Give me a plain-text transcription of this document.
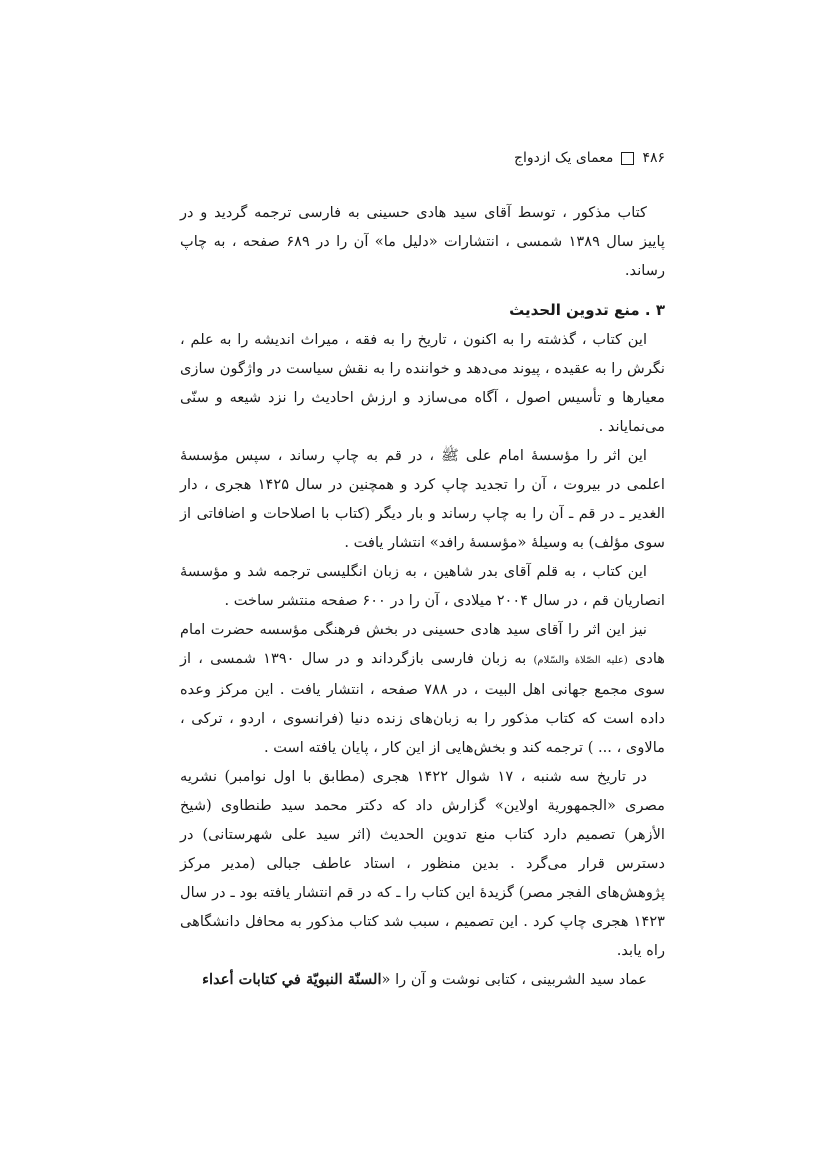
۴۸۶
معمای یک ازدواج

کتاب مذکور ، توسط آقای سید هادی حسینی به فارسی ترجمه گردید و در پاییز سال ۱۳۸۹ شمسی ، انتشارات «دلیل ما» آن را در ۶۸۹ صفحه ، به چاپ رساند.

۳ . منع تدوین الحدیث

این کتاب ، گذشته را به اکنون ، تاریخ را به فقه ، میراث اندیشه را به علم ، نگرش را به عقیده ، پیوند می‌دهد و خواننده را به نقش سیاست در واژگون سازی معیارها و تأسیس اصول ، آگاه می‌سازد و ارزش احادیث را نزد شیعه و سنّی می‌نمایاند .

این اثر را مؤسسهٔ امام علی ﷺ ، در قم به چاپ رساند ، سپس مؤسسهٔ اعلمی در بیروت ، آن را تجدید چاپ کرد و همچنین در سال ۱۴۲۵ هجری ، دار الغدیر ـ در قم ـ آن را به چاپ رساند و بار دیگر (کتاب با اصلاحات و اضافاتی از سوی مؤلف) به وسیلهٔ «مؤسسهٔ رافد» انتشار یافت .

این کتاب ، به قلم آقای بدر شاهین ، به زبان انگلیسی ترجمه شد و مؤسسهٔ انصاریان قم ، در سال ۲۰۰۴ میلادی ، آن را در ۶۰۰ صفحه منتشر ساخت .

نیز این اثر را آقای سید هادی حسینی در بخش فرهنگی مؤسسه حضرت امام هادی (علیه الصّلاة والسّلام) به زبان فارسی بازگرداند و در سال ۱۳۹۰ شمسی ، از سوی مجمع جهانی اهل البیت ، در ۷۸۸ صفحه ، انتشار یافت . این مرکز وعده داده است که کتاب مذکور را به زبان‌های زنده دنیا (فرانسوی ، اردو ، ترکی ، مالاوی ، ... ) ترجمه کند و بخش‌هایی از این کار ، پایان یافته است .

در تاریخ سه شنبه ، ۱۷ شوال ۱۴۲۲ هجری (مطابق با اول نوامبر) نشریه مصری «الجمهوریة اولاین» گزارش داد که دکتر محمد سید طنطاوی (شیخ الأزهر) تصمیم دارد کتاب منع تدوین الحدیث (اثر سید علی شهرستانی) در دسترس قرار می‌گرد . بدین منظور ، استاد عاطف جبالی (مدیر مرکز پژوهش‌های الفجر مصر) گزیدهٔ این کتاب را ـ که در قم انتشار یافته بود ـ در سال ۱۴۲۳ هجری چاپ کرد . این تصمیم ، سبب شد کتاب مذکور به محافل دانشگاهی راه یابد.

عماد سید الشربینی ، کتابی نوشت و آن را «السنّة النبویّة في کتابات أعداء
